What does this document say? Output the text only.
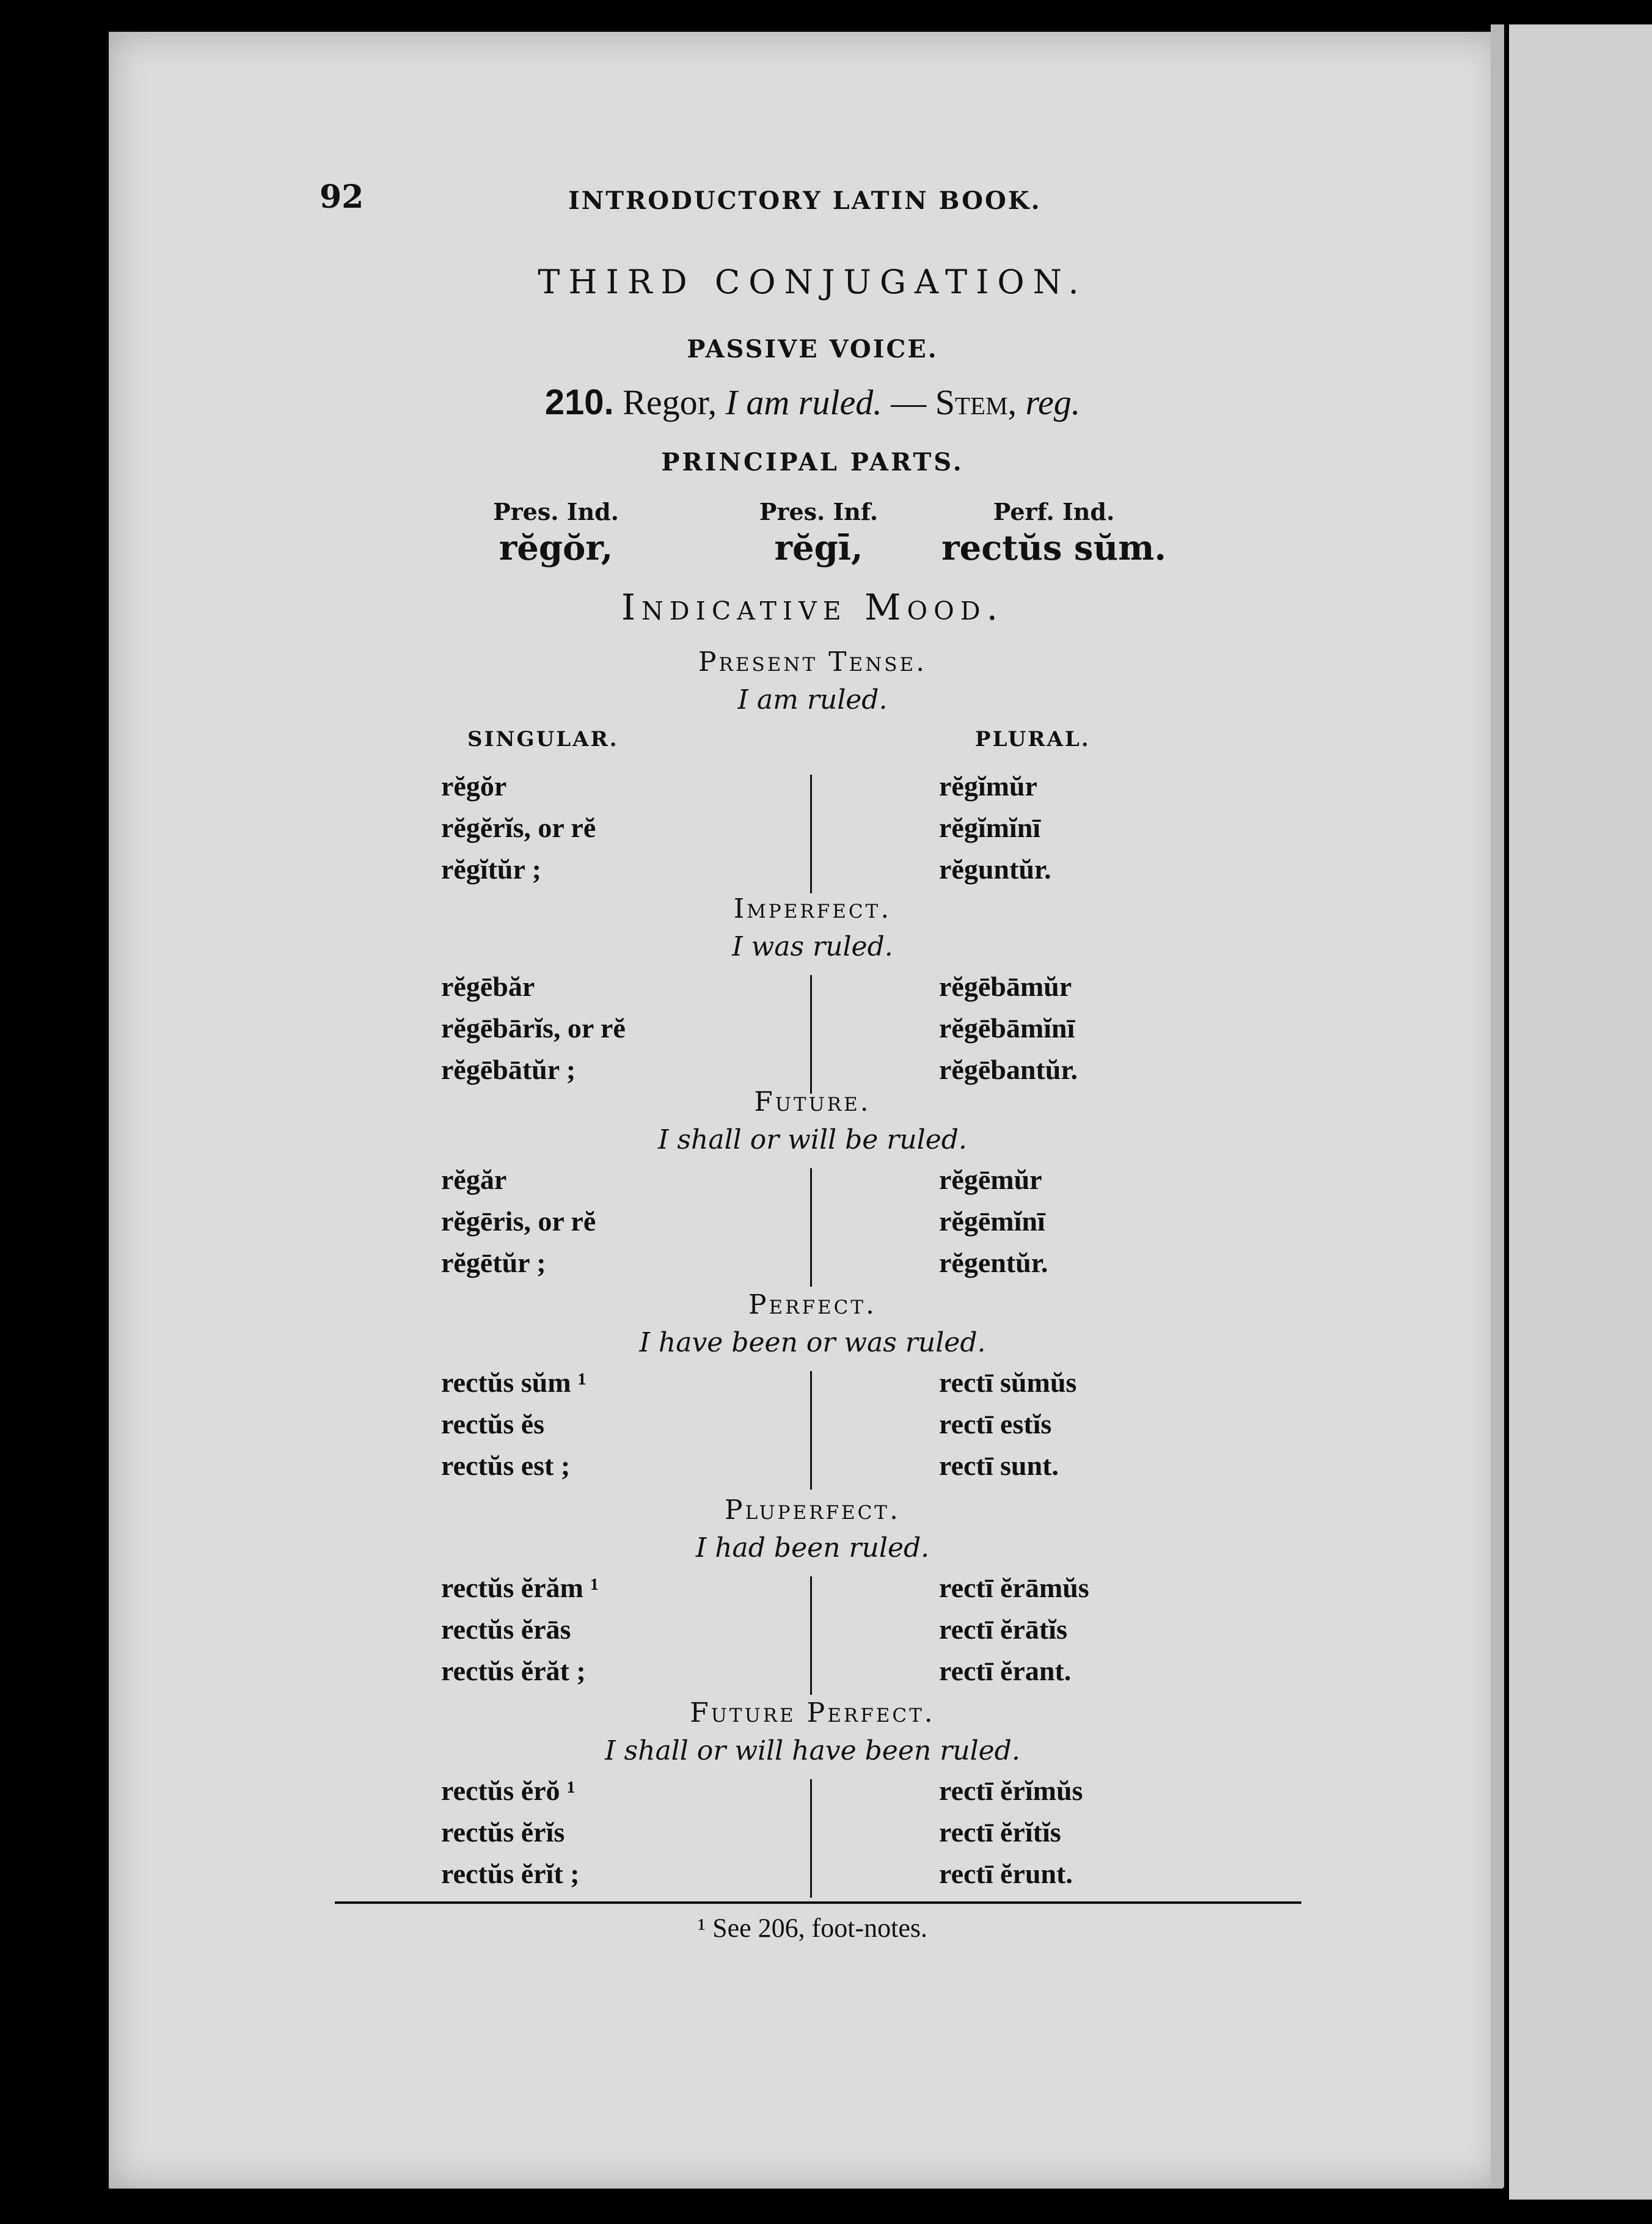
92	INTRODUCTORY LATIN BOOK.
THIRD CONJUGATION.
PASSIVE VOICE.
210. Regor, I am ruled. — Stem, reg.
PRINCIPAL PARTS.
Pres. Ind.
rĕgŏr,
Pres. Inf.
rĕgī,
Perf. Ind.
rectŭs sŭm.
Indicative Mood.
SINGULAR.	PLURAL.
Present Tense.
I am ruled.
rĕgŏr
rĕgĕrĭs, or rĕ
rĕgĭtŭr ;
rĕgĭmŭr
rĕgĭmĭnī
rĕguntŭr.
Imperfect.
I was ruled.
rĕgēbăr
rĕgēbārĭs, or rĕ
rĕgēbātŭr ;
rĕgēbāmŭr
rĕgēbāmĭnī
rĕgēbantŭr.
Future.
I shall or will be ruled.
rĕgăr
rĕgēris, or rĕ
rĕgētŭr ;
rĕgēmŭr
rĕgēmĭnī
rĕgentŭr.
Perfect.
I have been or was ruled.
rectŭs sŭm ¹
rectŭs ĕs
rectŭs est ;
rectī sŭmŭs
rectī estĭs
rectī sunt.
Pluperfect.
I had been ruled.
rectŭs ĕrăm ¹
rectŭs ĕrās
rectŭs ĕrăt ;
rectī ĕrāmŭs
rectī ĕrātĭs
rectī ĕrant.
Future Perfect.
I shall or will have been ruled.
rectŭs ĕrŏ ¹
rectŭs ĕrĭs
rectŭs ĕrĭt ;
rectī ĕrĭmŭs
rectī ĕrĭtĭs
rectī ĕrunt.
¹ See 206, foot-notes.
